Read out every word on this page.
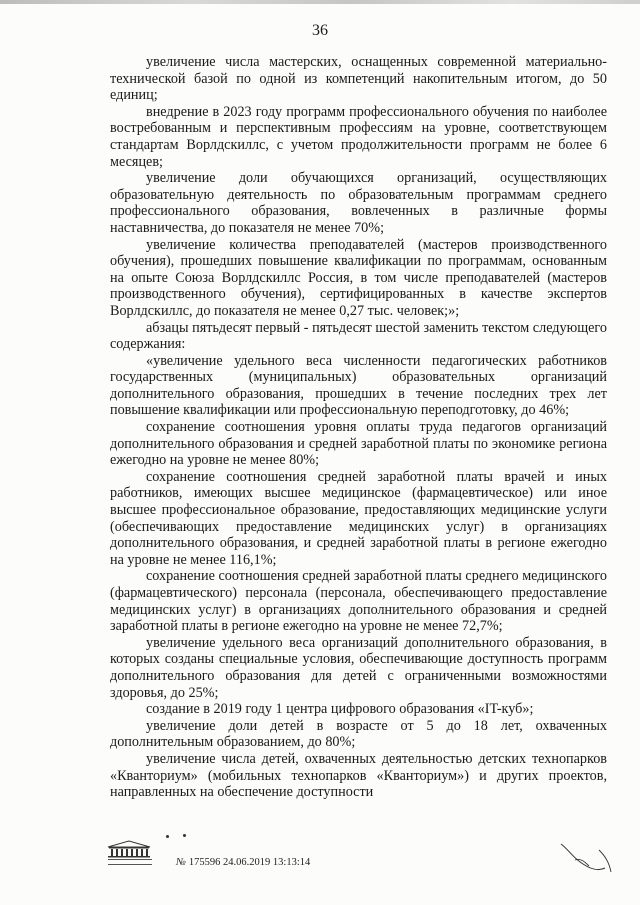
36

увеличение числа мастерских, оснащенных современной материально-технической базой по одной из компетенций накопительным итогом, до 50 единиц;

внедрение в 2023 году программ профессионального обучения по наиболее востребованным и перспективным профессиям на уровне, соответствующем стандартам Ворлдскиллс, с учетом продолжительности программ не более 6 месяцев;

увеличение доли обучающихся организаций, осуществляющих образовательную деятельность по образовательным программам среднего профессионального образования, вовлеченных в различные формы наставничества, до показателя не менее 70%;

увеличение количества преподавателей (мастеров производственного обучения), прошедших повышение квалификации по программам, основанным на опыте Союза Ворлдскиллс Россия, в том числе преподавателей (мастеров производственного обучения), сертифицированных в качестве экспертов Ворлдскиллс, до показателя не менее 0,27 тыс. человек;»;

абзацы пятьдесят первый - пятьдесят шестой заменить текстом следующего содержания:

«увеличение удельного веса численности педагогических работников государственных (муниципальных) образовательных организаций дополнительного образования, прошедших в течение последних трех лет повышение квалификации или профессиональную переподготовку, до 46%;

сохранение соотношения уровня оплаты труда педагогов организаций дополнительного образования и средней заработной платы по экономике региона ежегодно на уровне не менее 80%;

сохранение соотношения средней заработной платы врачей и иных работников, имеющих высшее медицинское (фармацевтическое) или иное высшее профессиональное образование, предоставляющих медицинские услуги (обеспечивающих предоставление медицинских услуг) в организациях дополнительного образования, и средней заработной платы в регионе ежегодно на уровне не менее 116,1%;

сохранение соотношения средней заработной платы среднего медицинского (фармацевтического) персонала (персонала, обеспечивающего предоставление медицинских услуг) в организациях дополнительного образования и средней заработной платы в регионе ежегодно на уровне не менее 72,7%;

увеличение удельного веса организаций дополнительного образования, в которых созданы специальные условия, обеспечивающие доступность программ дополнительного образования для детей с ограниченными возможностями здоровья, до 25%;

создание в 2019 году 1 центра цифрового образования «IT-куб»;

увеличение доли детей в возрасте от 5 до 18 лет, охваченных дополнительным образованием, до 80%;

увеличение числа детей, охваченных деятельностью детских технопарков «Кванториум» (мобильных технопарков «Кванториум») и других проектов, направленных на обеспечение доступности

№ 175596 24.06.2019 13:13:14
